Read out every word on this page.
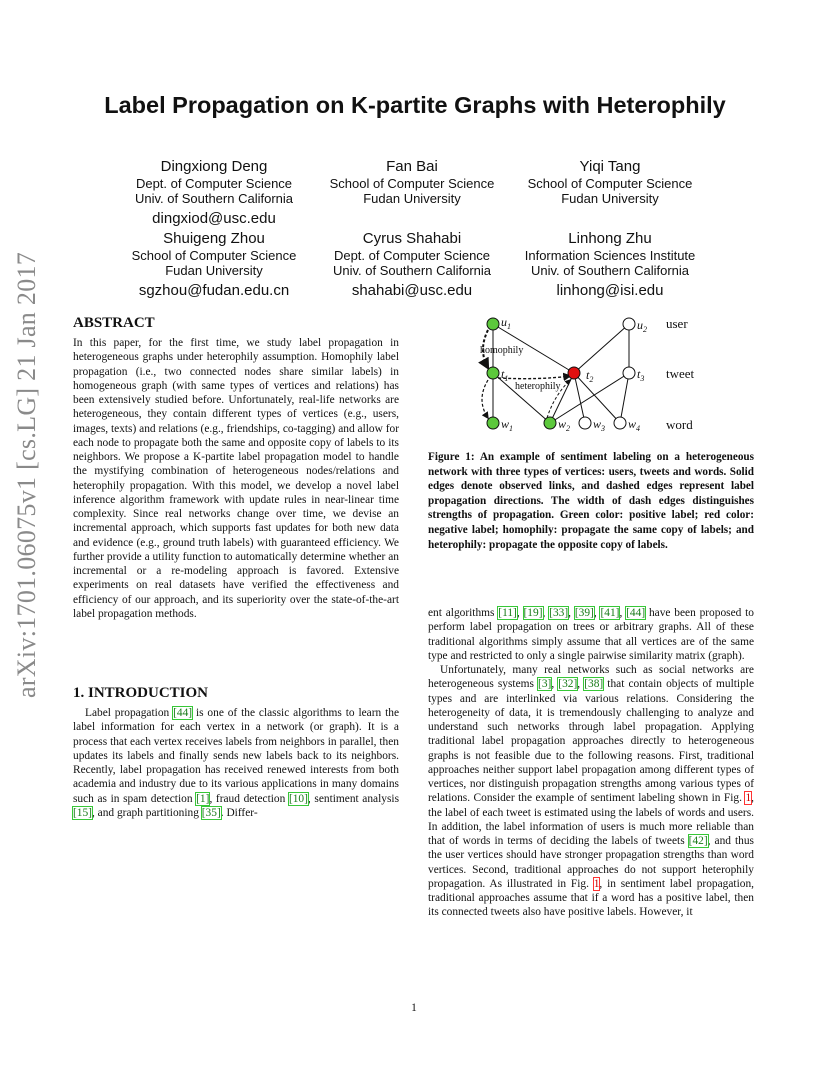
arXiv:1701.06075v1 [cs.LG] 21 Jan 2017
Label Propagation on K-partite Graphs with Heterophily
Dingxiong Deng
Dept. of Computer Science
Univ. of Southern California
dingxiod@usc.edu
Fan Bai
School of Computer Science
Fudan University
Yiqi Tang
School of Computer Science
Fudan University
Shuigeng Zhou
School of Computer Science
Fudan University
sgzhou@fudan.edu.cn
Cyrus Shahabi
Dept. of Computer Science
Univ. of Southern California
shahabi@usc.edu
Linhong Zhu
Information Sciences Institute
Univ. of Southern California
linhong@isi.edu
ABSTRACT

In this paper, for the first time, we study label propagation in heterogeneous graphs under heterophily assumption. Homophily label propagation (i.e., two connected nodes share similar labels) in homogeneous graph (with same types of vertices and relations) has been extensively studied before. Unfortunately, real-life networks are heterogeneous, they contain different types of vertices (e.g., users, images, texts) and relations (e.g., friendships, co-tagging) and allow for each node to propagate both the same and opposite copy of labels to its neighbors. We propose a K-partite label propagation model to handle the mystifying combination of heterogeneous nodes/relations and heterophily propagation. With this model, we develop a novel label inference algorithm framework with update rules in near-linear time complexity. Since real networks change over time, we devise an incremental approach, which supports fast updates for both new data and evidence (e.g., ground truth labels) with guaranteed efficiency. We further provide a utility function to automatically determine whether an incremental or a re-modeling approach is favored. Extensive experiments on real datasets have verified the effectiveness and efficiency of our approach, and its superiority over the state-of-the-art label propagation methods.

1. INTRODUCTION

Label propagation [44] is one of the classic algorithms to learn the label information for each vertex in a network (or graph). It is a process that each vertex receives labels from neighbors in parallel, then updates its labels and finally sends new labels back to its neighbors. Recently, label propagation has received renewed interests from both academia and industry due to its various applications in many domains such as in spam detection [1], fraud detection [10], sentiment analysis [15], and graph partitioning [35]. Differ-

$u_1$	$u_2$
$t_1$	$t_2$	$t_3$
$w_1$	$w_2$ $w_3$ $w_4$
homophily
heterophily
user
tweet
word
Figure 1: An example of sentiment labeling on a heterogeneous network with three types of vertices: users, tweets and words. Solid edges denote observed links, and dashed edges represent label propagation directions. The width of dash edges distinguishes strengths of propagation. Green color: positive label; red color: negative label; homophily: propagate the same copy of labels; and heterophily: propagate the opposite copy of labels.

ent algorithms [11], [19], [33], [39], [41], [44] have been proposed to perform label propagation on trees or arbitrary graphs. All of these traditional algorithms simply assume that all vertices are of the same type and restricted to only a single pairwise similarity matrix (graph).

Unfortunately, many real networks such as social networks are heterogeneous systems [3], [32], [38] that contain objects of multiple types and are interlinked via various relations. Considering the heterogeneity of data, it is tremendously challenging to analyze and understand such networks through label propagation. Applying traditional label propagation approaches directly to heterogeneous graphs is not feasible due to the following reasons. First, traditional approaches neither support label propagation among different types of vertices, nor distinguish propagation strengths among various types of relations. Consider the example of sentiment labeling shown in Fig. 1, the label of each tweet is estimated using the labels of words and users. In addition, the label information of users is much more reliable than that of words in terms of deciding the labels of tweets [42], and thus the user vertices should have stronger propagation strengths than word vertices. Second, traditional approaches do not support heterophily propagation. As illustrated in Fig. 1, in sentiment label propagation, traditional approaches assume that if a word has a positive label, then its connected tweets also have positive labels. However, it

1
